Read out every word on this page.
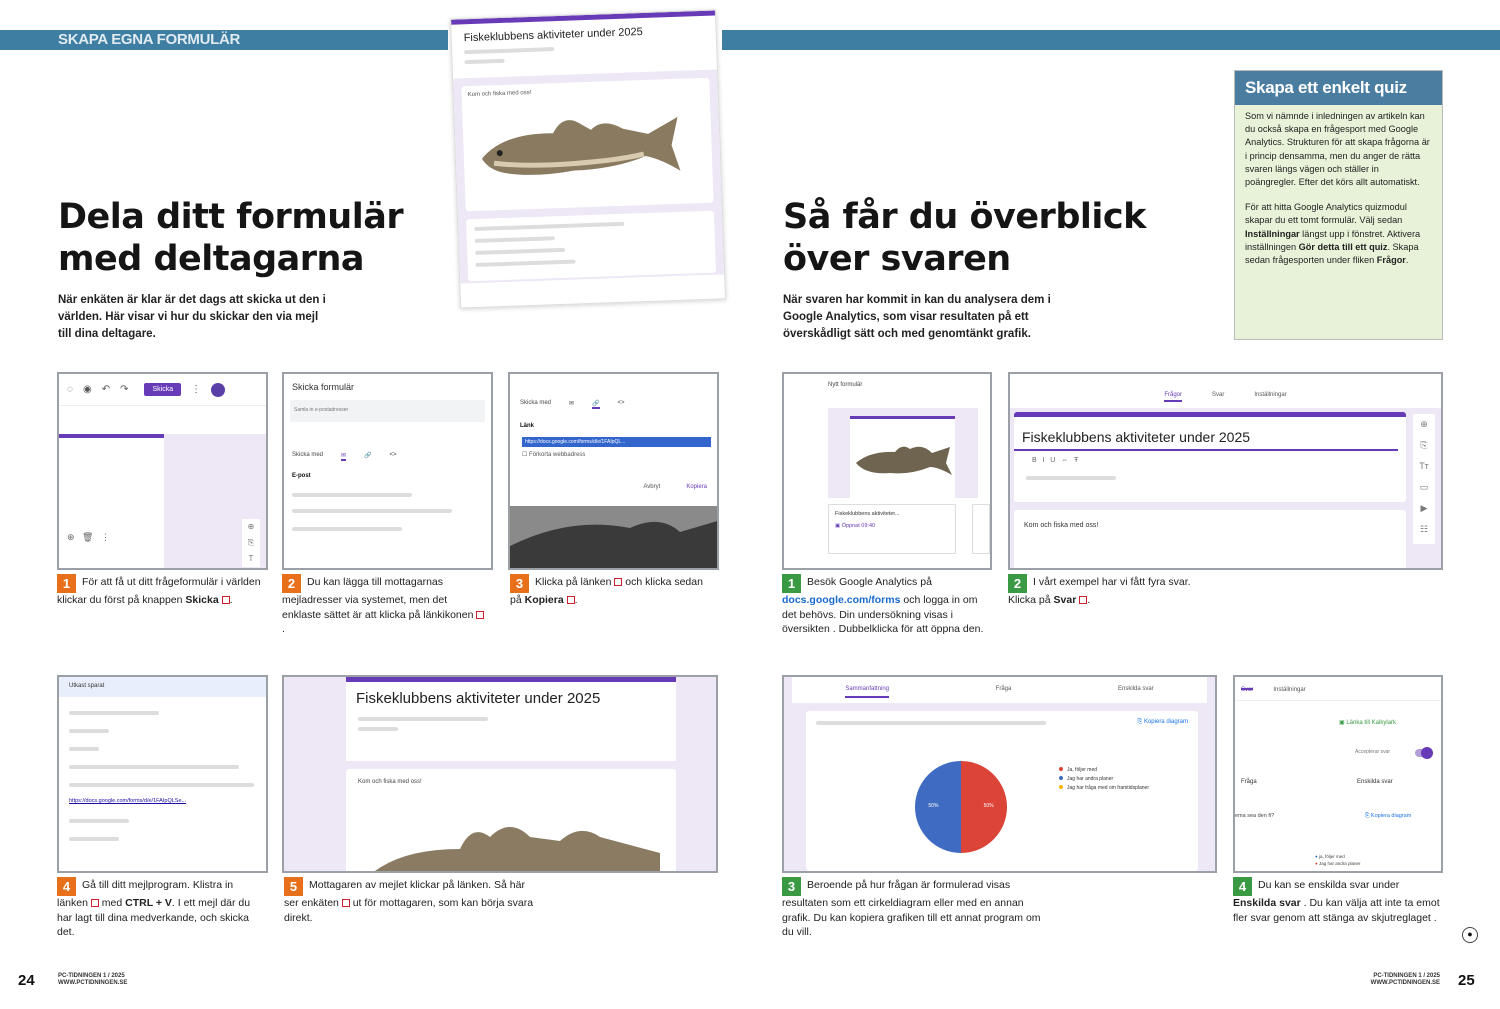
SKAPA EGNA FORMULÄR	Fiskeklubbens aktiviteter under 2025
Kom och fiska med oss!
Dela ditt formulär
med deltagarna
När enkäten är klar är det dags att skicka ut den i världen. Här visar vi hur du skickar den via mejl till dina deltagare.
Så får du överblick
över svaren
När svaren har kommit in kan du analysera dem i Google Analytics, som visar resultaten på ett överskådligt sätt och med genomtänkt grafik.
Skapa ett enkelt quiz

Som vi nämnde i inledningen av artikeln kan du också skapa en frågesport med Google Analytics. Strukturen för att skapa frågorna är i princip densamma, men du anger de rätta svaren längs vägen och ställer in poängregler. Efter det körs allt automatiskt.

För att hitta Google Analytics quizmodul skapar du ett tomt formulär. Välj sedan Inställningar längst upp i fönstret. Aktivera inställningen Gör detta till ett quiz. Skapa sedan frågesporten under fliken Frågor.

◌ ◉ ↶ ↷	Skicka	⋮
⊕   🗑   ⋮
⊕
⎘
T
Skicka formulär
Samla in e-postadresser
Skicka med	✉	🔗	<>
E-post
Skicka med	✉	🔗	<>
Länk
https://docs.google.com/forms/d/e/1FAIpQL...
☐ Förkorta webbadress
Avbryt	Kopiera
1 För att få ut ditt frågeformulär i världen klickar du först på knappen Skicka .
2 Du kan lägga till mottagarnas mejladresser via systemet, men det enklaste sättet är att klicka på länkikonen .
3 Klicka på länken  och klicka sedan på Kopiera .
Nytt formulär
Fiskeklubbens aktiviteter...
▣ Öppnat 09:40
Frågor	Svar	Inställningar
Fiskeklubbens aktiviteter under 2025
B   I   U   ⇔   Ŧ
Kom och fiska med oss!
⊕
⎘
Tт
▭
▶
☷
1 Besök Google Analytics på docs.google.com/forms och logga in om det behövs. Din undersökning visas i översikten . Dubbelklicka för att öppna den.
2 I vårt exempel har vi fått fyra svar. Klicka på Svar .
Utkast sparat
https://docs.google.com/forms/d/e/1FAIpQLSe...
Fiskeklubbens aktiviteter under 2025
Kom och fiska med oss!
4 Gå till ditt mejlprogram. Klistra in länken  med CTRL + V. I ett mejl där du har lagt till dina medverkande, och skicka det.
5 Mottagaren av mejlet klickar på länken. Så här ser enkäten  ut för mottagaren, som kan börja svara direkt.
Sammanfattning	Fråga	Enskilda svar
⎘ Kopiera diagram
50%
50%
Ja, följer med
Jag har andra planer
Jag har fråga med om framtidsplaner
Svar	Inställningar
▣ Länka till Kalkylark
Accepterar svar
Fråga	Enskilda svar
ema sea den fi?	⎘ Kopiera diagram
● ja, följer med
● Jag har andra planer
3 Beroende på hur frågan är formulerad visas resultaten som ett cirkeldiagram eller med en annan grafik. Du kan kopiera grafiken till ett annat program om du vill.
4 Du kan se enskilda svar under Enskilda svar . Du kan välja att inte ta emot fler svar genom att stänga av skjutreglaget .
●
24	PC-TIDNINGEN 1 / 2025 WWW.PCTIDNINGEN.SE
PC-TIDNINGEN 1 / 2025 WWW.PCTIDNINGEN.SE 25
